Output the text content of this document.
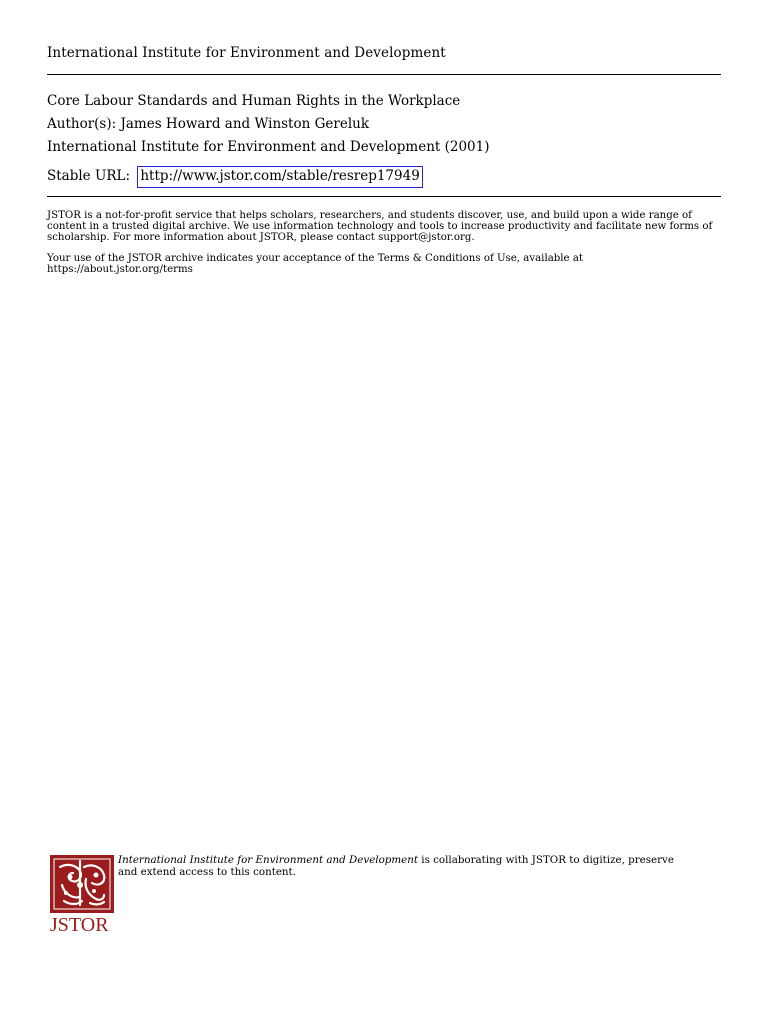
International Institute for Environment and Development
Core Labour Standards and Human Rights in the Workplace
Author(s): James Howard and Winston Gereluk
International Institute for Environment and Development (2001)
Stable URL: http://www.jstor.com/stable/resrep17949

JSTOR is a not-for-profit service that helps scholars, researchers, and students discover, use, and build upon a wide range of content in a trusted digital archive. We use information technology and tools to increase productivity and facilitate new forms of scholarship. For more information about JSTOR, please contact support@jstor.org.

Your use of the JSTOR archive indicates your acceptance of the Terms & Conditions of Use, available at https://about.jstor.org/terms

JSTOR

International Institute for Environment and Development is collaborating with JSTOR to digitize, preserve and extend access to this content.
